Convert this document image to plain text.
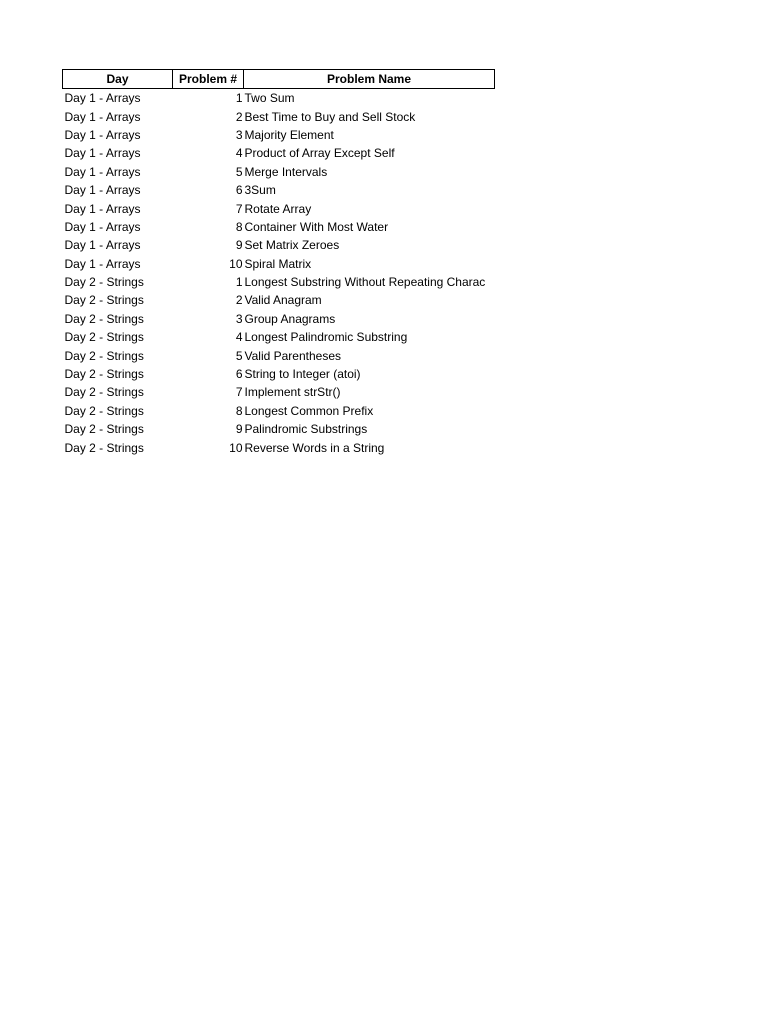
Day	Problem #	Problem Name
Day 1 - Arrays	1	Two Sum
Day 1 - Arrays	2	Best Time to Buy and Sell Stock
Day 1 - Arrays	3	Majority Element
Day 1 - Arrays	4	Product of Array Except Self
Day 1 - Arrays	5	Merge Intervals
Day 1 - Arrays	6	3Sum
Day 1 - Arrays	7	Rotate Array
Day 1 - Arrays	8	Container With Most Water
Day 1 - Arrays	9	Set Matrix Zeroes
Day 1 - Arrays	10	Spiral Matrix
Day 2 - Strings	1	Longest Substring Without Repeating Charac
Day 2 - Strings	2	Valid Anagram
Day 2 - Strings	3	Group Anagrams
Day 2 - Strings	4	Longest Palindromic Substring
Day 2 - Strings	5	Valid Parentheses
Day 2 - Strings	6	String to Integer (atoi)
Day 2 - Strings	7	Implement strStr()
Day 2 - Strings	8	Longest Common Prefix
Day 2 - Strings	9	Palindromic Substrings
Day 2 - Strings	10	Reverse Words in a String
